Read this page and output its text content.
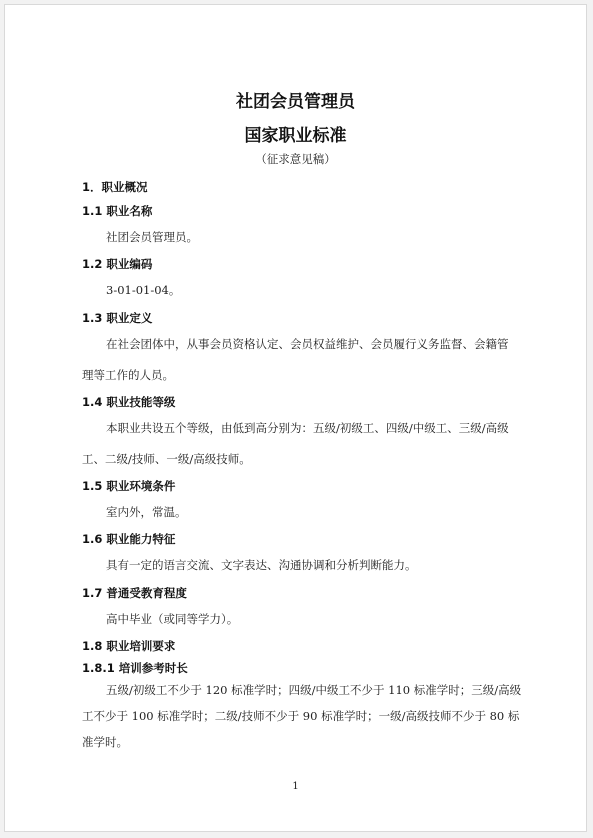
社团会员管理员
国家职业标准
（征求意见稿）
1．职业概况
1.1 职业名称
社团会员管理员。
1.2 职业编码
3-01-01-04。
1.3 职业定义
在社会团体中，从事会员资格认定、会员权益维护、会员履行义务监督、会籍管
理等工作的人员。
1.4 职业技能等级
本职业共设五个等级，由低到高分别为：五级/初级工、四级/中级工、三级/高级
工、二级/技师、一级/高级技师。
1.5 职业环境条件
室内外，常温。
1.6 职业能力特征
具有一定的语言交流、文字表达、沟通协调和分析判断能力。
1.7 普通受教育程度
高中毕业（或同等学力）。
1.8 职业培训要求
1.8.1 培训参考时长
五级/初级工不少于 120 标准学时；四级/中级工不少于 110 标准学时；三级/高级
工不少于 100 标准学时；二级/技师不少于 90 标准学时；一级/高级技师不少于 80 标
准学时。
1
